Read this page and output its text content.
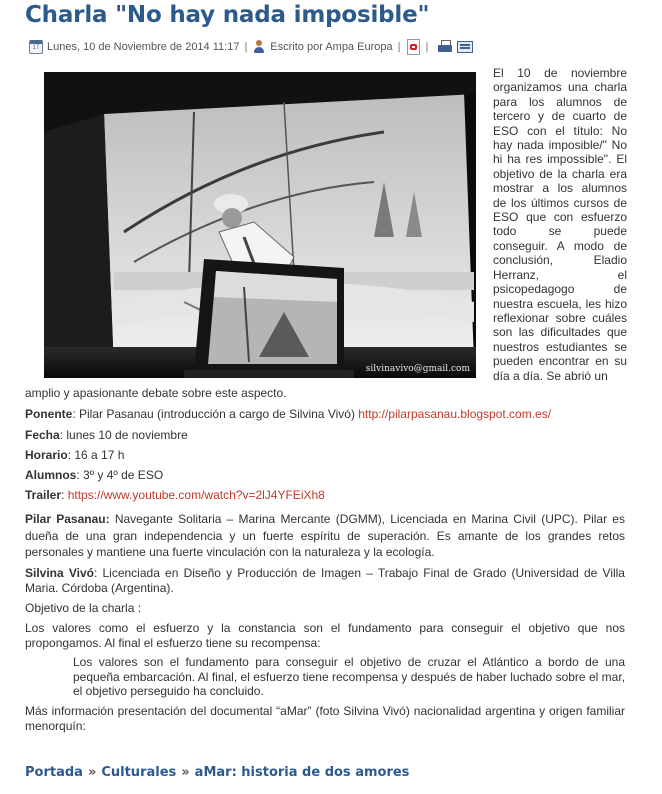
Charla "No hay nada imposible"
17 Lunes, 10 de Noviembre de 2014 11:17 | Escrito por Ampa Europa | |
silvinavivo@gmail.com

El 10 de noviembre organizamos una charla para los alumnos de tercero y de cuarto de ESO con el título: No hay nada imposible/" No hi ha res impossible". El objetivo de la charla era mostrar a los alumnos de los últimos cursos de ESO que con esfuerzo todo se puede conseguir. A modo de conclusión, Eladio Herranz, el psicopedagogo de nuestra escuela, les hizo reflexionar sobre cuáles son las dificultades que nuestros estudiantes se pueden encontrar en su día a día. Se abrió un

amplio y apasionante debate sobre este aspecto.

Ponente: Pilar Pasanau (introducción a cargo de Silvina Vivó) http://pilarpasanau.blogspot.com.es/

Fecha: lunes 10 de noviembre

Horario: 16 a 17 h

Alumnos: 3º y 4º de ESO

Trailer: https://www.youtube.com/watch?v=2lJ4YFEiXh8

Pilar Pasanau: Navegante Solitaria – Marina Mercante (DGMM), Licenciada en Marina Civil (UPC). Pilar es dueña de una gran independencia y un fuerte espíritu de superación. Es amante de los grandes retos personales y mantiene una fuerte vinculación con la naturaleza y la ecología.

Silvina Vivó: Licenciada en Diseño y Producción de Imagen – Trabajo Final de Grado (Universidad de Villa Maria. Córdoba (Argentina).

Objetivo de la charla :

Los valores como el esfuerzo y la constancia son el fundamento para conseguir el objetivo que nos propongamos. Al final el esfuerzo tiene su recompensa:

Los valores son el fundamento para conseguir el objetivo de cruzar el Atlántico a bordo de una pequeña embarcación. Al final, el esfuerzo tiene recompensa y después de haber luchado sobre el mar, el objetivo perseguido ha concluido.

Más información presentación del documental “aMar” (foto Silvina Vivó) nacionalidad argentina y origen familiar menorquín:

Portada » Culturales » aMar: historia de dos amores
